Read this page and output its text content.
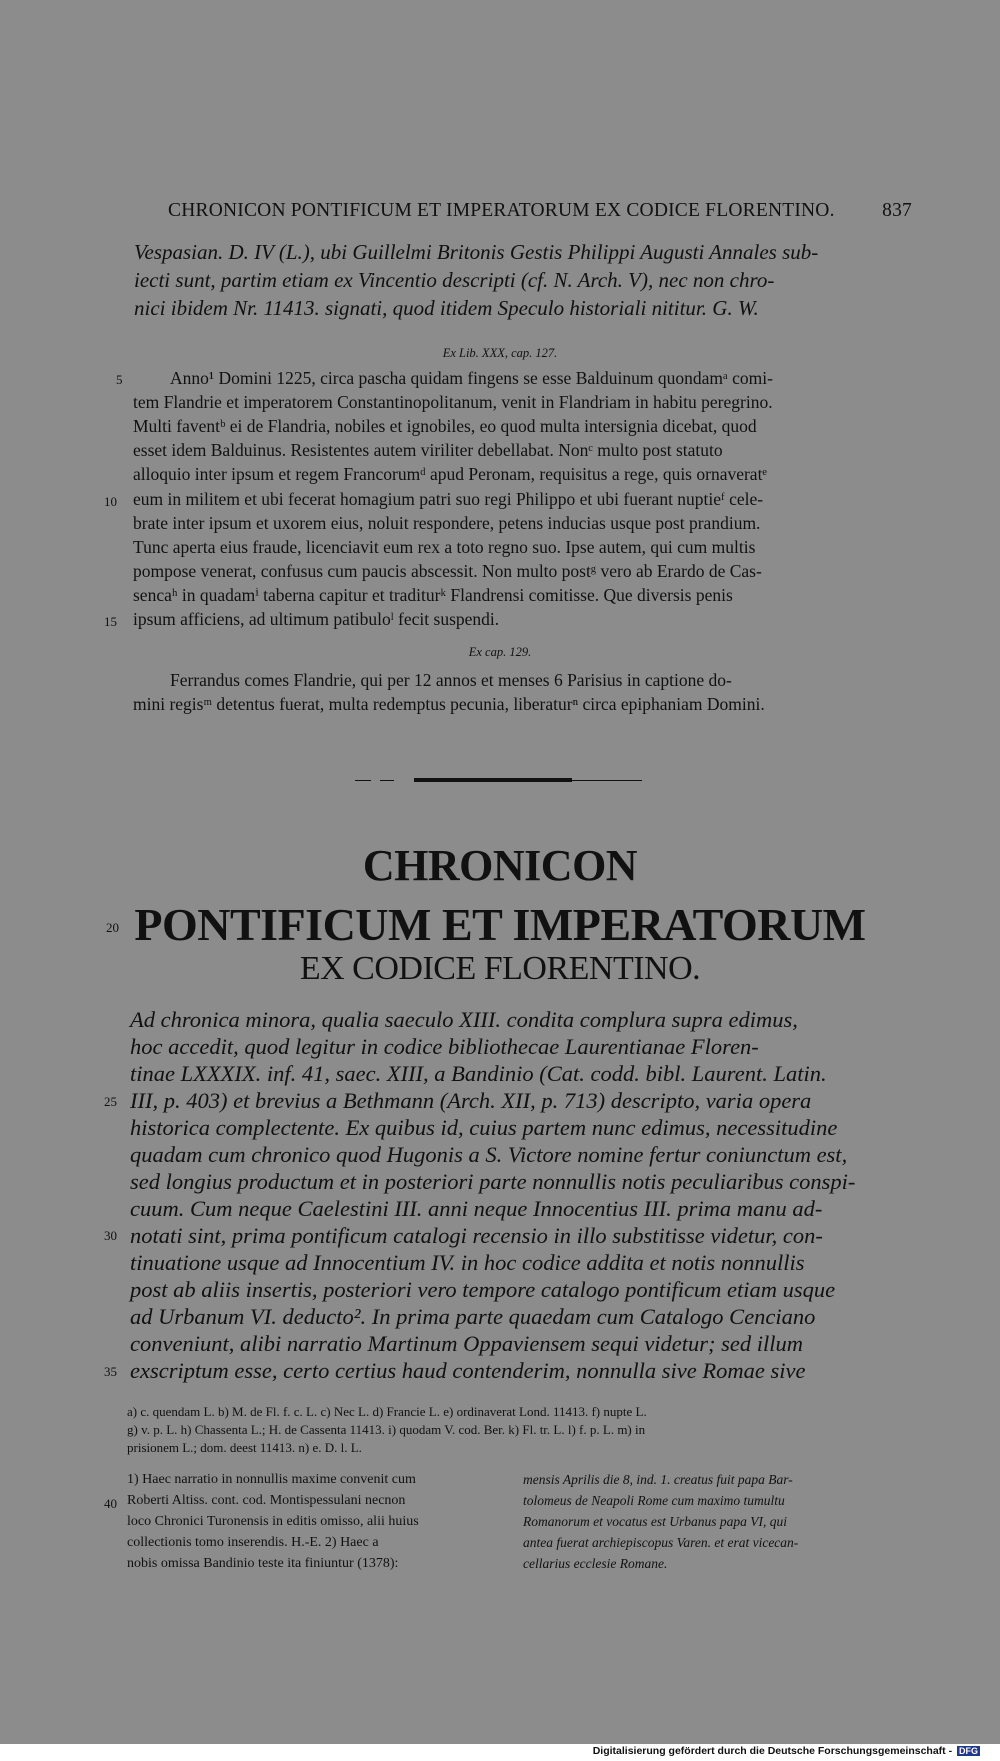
CHRONICON PONTIFICUM ET IMPERATORUM EX CODICE FLORENTINO. 837
Vespasian. D. IV (L.), ubi Guillelmi Britonis Gestis Philippi Augusti Annales sub-
iecti sunt, partim etiam ex Vincentio descripti (cf. N. Arch. V), nec non chro-
nici ibidem Nr. 11413. signati, quod itidem Speculo historiali nititur. G. W.
Ex Lib. XXX, cap. 127.
5	Anno¹ Domini 1225, circa pascha quidam fingens se esse Balduinum quondamᵃ comi-
tem Flandrie et imperatorem Constantinopolitanum, venit in Flandriam in habitu peregrino.
Multi faventᵇ ei de Flandria, nobiles et ignobiles, eo quod multa intersignia dicebat, quod
esset idem Balduinus. Resistentes autem viriliter debellabat. Nonᶜ multo post statuto
alloquio inter ipsum et regem Francorumᵈ apud Peronam, requisitus a rege, quis ornaveratᵉ
10 eum in militem et ubi fecerat homagium patri suo regi Philippo et ubi fuerant nuptieᶠ cele-
brate inter ipsum et uxorem eius, noluit respondere, petens inducias usque post prandium.
Tunc aperta eius fraude, licenciavit eum rex a toto regno suo. Ipse autem, qui cum multis
pompose venerat, confusus cum paucis abscessit. Non multo postᵍ vero ab Erardo de Cas-
sencaʰ in quadamⁱ taberna capitur et traditurᵏ Flandrensi comitisse. Que diversis penis
15 ipsum afficiens, ad ultimum patibuloˡ fecit suspendi.
Ex cap. 129.
Ferrandus comes Flandrie, qui per 12 annos et menses 6 Parisius in captione do-
mini regisᵐ detentus fuerat, multa redemptus pecunia, liberaturⁿ circa epiphaniam Domini.
CHRONICON
20 PONTIFICUM ET IMPERATORUM
EX CODICE FLORENTINO.
Ad chronica minora, qualia saeculo XIII. condita complura supra edimus,
hoc accedit, quod legitur in codice bibliothecae Laurentianae Floren-
tinae LXXXIX. inf. 41, saec. XIII, a Bandinio (Cat. codd. bibl. Laurent. Latin.
25 III, p. 403) et brevius a Bethmann (Arch. XII, p. 713) descripto, varia opera
historica complectente. Ex quibus id, cuius partem nunc edimus, necessitudine
quadam cum chronico quod Hugonis a S. Victore nomine fertur coniunctum est,
sed longius productum et in posteriori parte nonnullis notis peculiaribus conspi-
cuum. Cum neque Caelestini III. anni neque Innocentius III. prima manu ad-
30 notati sint, prima pontificum catalogi recensio in illo substitisse videtur, con-
tinuatione usque ad Innocentium IV. in hoc codice addita et notis nonnullis
post ab aliis insertis, posteriori vero tempore catalogo pontificum etiam usque
ad Urbanum VI. deducto². In prima parte quaedam cum Catalogo Cenciano
conveniunt, alibi narratio Martinum Oppaviensem sequi videtur; sed illum
35 exscriptum esse, certo certius haud contenderim, nonnulla sive Romae sive
a) c. quendam L. b) M. de Fl. f. c. L. c) Nec L. d) Francie L. e) ordinaverat Lond. 11413. f) nupte L.
g) v. p. L. h) Chassenta L.; H. de Cassenta 11413. i) quodam V. cod. Ber. k) Fl. tr. L. l) f. p. L. m) in
prisionem L.; dom. deest 11413. n) e. D. l. L.
1) Haec narratio in nonnullis maxime convenit cum
40 Roberti Altiss. cont. cod. Montispessulani necnon
loco Chronici Turonensis in editis omisso, alii huius
collectionis tomo inserendis. H.-E. 2) Haec a
nobis omissa Bandinio teste ita finiuntur (1378):
mensis Aprilis die 8, ind. 1. creatus fuit papa Bar-
tolomeus de Neapoli Rome cum maximo tumultu
Romanorum et vocatus est Urbanus papa VI, qui
antea fuerat archiepiscopus Varen. et erat vicecan-
cellarius ecclesie Romane.
Digitalisierung gefördert durch die Deutsche Forschungsgemeinschaft - DFG
